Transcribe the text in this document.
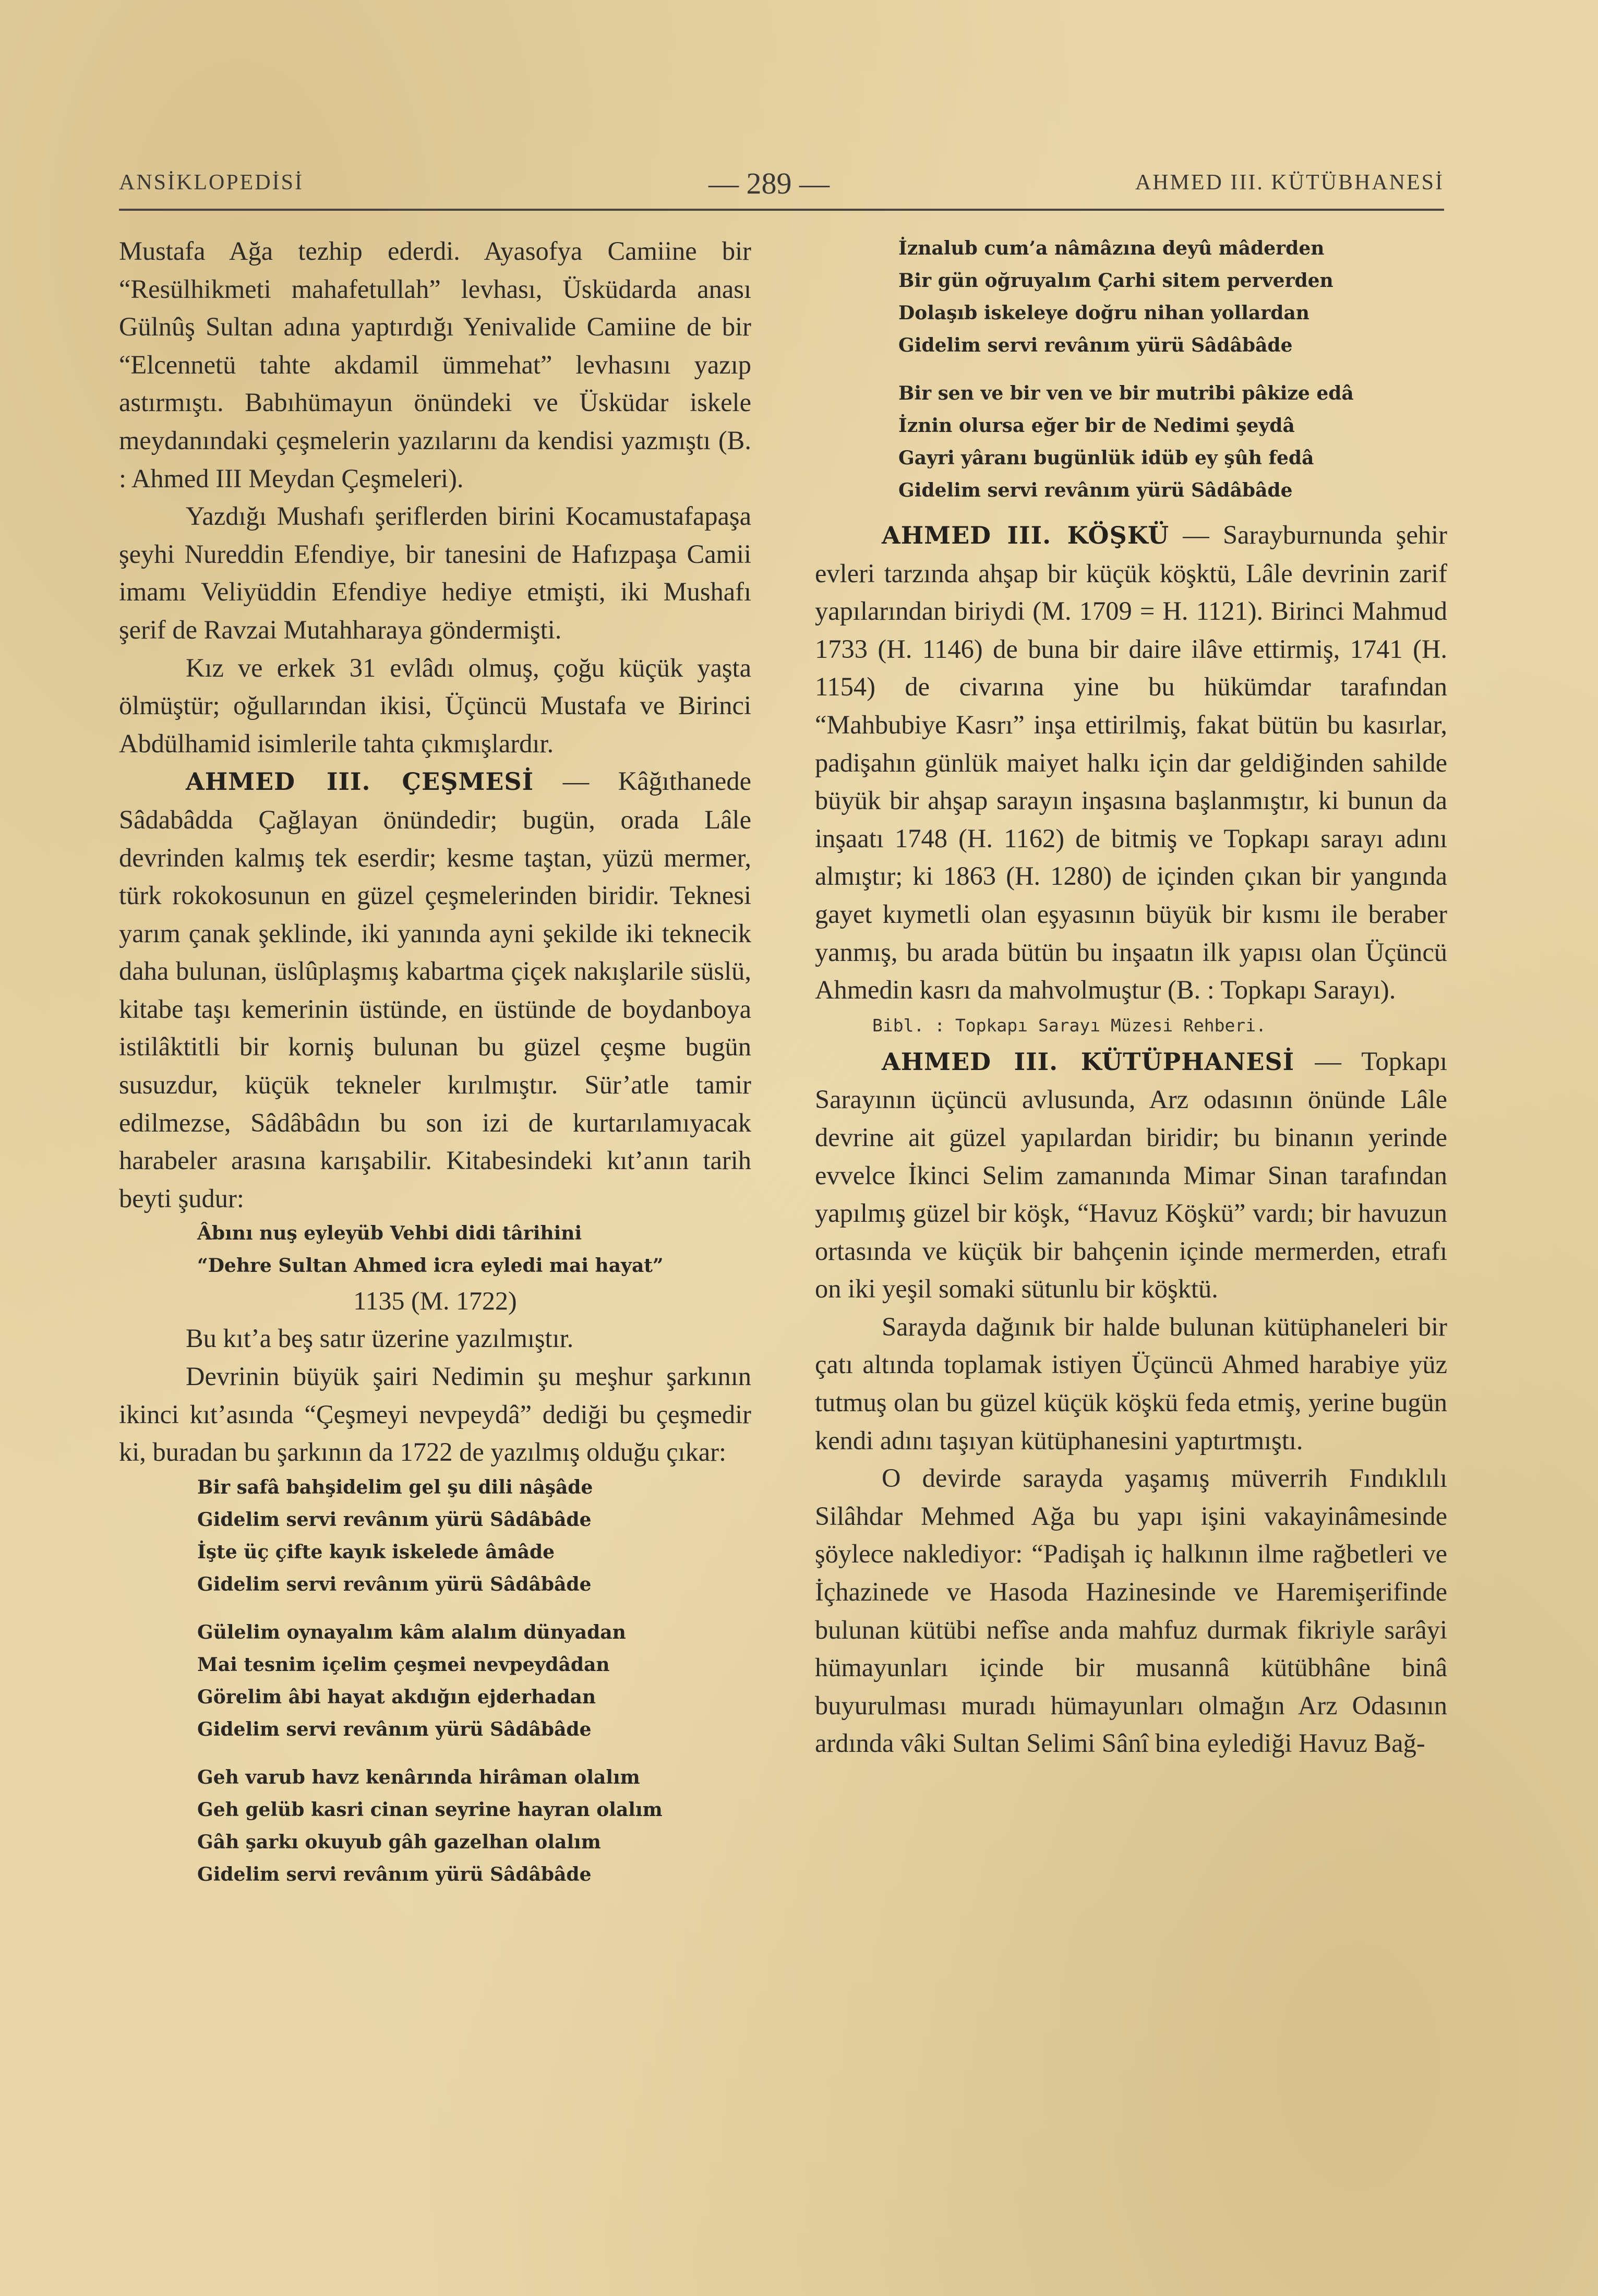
ANSİKLOPEDİSİ	— 289 —	AHMED III. KÜTÜBHANESİ

Mustafa Ağa tezhip ederdi. Ayasofya Camiine bir “Resülhikmeti mahafetullah” levhası, Üsküdarda anası Gülnûş Sultan adına yaptırdığı Yenivalide Camiine de bir “Elcennetü tahte akdamil ümmehat” levhasını yazıp astırmıştı. Babıhümayun önündeki ve Üsküdar iskele meydanındaki çeşmelerin yazılarını da kendisi yazmıştı (B. : Ahmed III Meydan Çeşmeleri).

Yazdığı Mushafı şeriflerden birini Kocamustafapaşa şeyhi Nureddin Efendiye, bir tanesini de Hafızpaşa Camii imamı Veliyüddin Efendiye hediye etmişti, iki Mushafı şerif de Ravzai Mutahharaya göndermişti.

Kız ve erkek 31 evlâdı olmuş, çoğu küçük yaşta ölmüştür; oğullarından ikisi, Üçüncü Mustafa ve Birinci Abdülhamid isimlerile tahta çıkmışlardır.

AHMED III. ÇEŞMESİ — Kâğıthanede Sâdabâdda Çağlayan önündedir; bugün, orada Lâle devrinden kalmış tek eserdir; kesme taştan, yüzü mermer, türk rokokosunun en güzel çeşmelerinden biridir. Teknesi yarım çanak şeklinde, iki yanında ayni şekilde iki teknecik daha bulunan, üslûplaşmış kabartma çiçek nakışlarile süslü, kitabe taşı kemerinin üstünde, en üstünde de boydanboya istilâktitli bir korniş bulunan bu güzel çeşme bugün susuzdur, küçük tekneler kırılmıştır. Sür’atle tamir edilmezse, Sâdâbâdın bu son izi de kurtarılamıyacak harabeler arasına karışabilir. Kitabesindeki kıt’anın tarih beyti şudur:

Âbını nuş eyleyüb Vehbi didi târihini
“Dehre Sultan Ahmed icra eyledi mai hayat”

1135 (M. 1722)

Bu kıt’a beş satır üzerine yazılmıştır.

Devrinin büyük şairi Nedimin şu meşhur şarkının ikinci kıt’asında “Çeşmeyi nevpeydâ” dediği bu çeşmedir ki, buradan bu şarkının da 1722 de yazılmış olduğu çıkar:

Bir safâ bahşidelim gel şu dili nâşâde
Gidelim servi revânım yürü Sâdâbâde
İşte üç çifte kayık iskelede âmâde
Gidelim servi revânım yürü Sâdâbâde
Gülelim oynayalım kâm alalım dünyadan
Mai tesnim içelim çeşmei nevpeydâdan
Görelim âbi hayat akdığın ejderhadan
Gidelim servi revânım yürü Sâdâbâde
Geh varub havz kenârında hirâman olalım
Geh gelüb kasri cinan seyrine hayran olalım
Gâh şarkı okuyub gâh gazelhan olalım
Gidelim servi revânım yürü Sâdâbâde
İznalub cum’a nâmâzına deyû mâderden
Bir gün oğruyalım Çarhi sitem perverden
Dolaşıb iskeleye doğru nihan yollardan
Gidelim servi revânım yürü Sâdâbâde
Bir sen ve bir ven ve bir mutribi pâkize edâ
İznin olursa eğer bir de Nedimi şeydâ
Gayri yâranı bugünlük idüb ey şûh fedâ
Gidelim servi revânım yürü Sâdâbâde

AHMED III. KÖŞKÜ — Sarayburnunda şehir evleri tarzında ahşap bir küçük köşktü, Lâle devrinin zarif yapılarından biriydi (M. 1709 = H. 1121). Birinci Mahmud 1733 (H. 1146) de buna bir daire ilâve ettirmiş, 1741 (H. 1154) de civarına yine bu hükümdar tarafından “Mahbubiye Kasrı” inşa ettirilmiş, fakat bütün bu kasırlar, padişahın günlük maiyet halkı için dar geldiğinden sahilde büyük bir ahşap sarayın inşasına başlanmıştır, ki bunun da inşaatı 1748 (H. 1162) de bitmiş ve Topkapı sarayı adını almıştır; ki 1863 (H. 1280) de içinden çıkan bir yangında gayet kıymetli olan eşyasının büyük bir kısmı ile beraber yanmış, bu arada bütün bu inşaatın ilk yapısı olan Üçüncü Ahmedin kasrı da mahvolmuştur (B. : Topkapı Sarayı).

Bibl. : Topkapı Sarayı Müzesi Rehberi.

AHMED III. KÜTÜPHANESİ — Topkapı Sarayının üçüncü avlusunda, Arz odasının önünde Lâle devrine ait güzel yapılardan biridir; bu binanın yerinde evvelce İkinci Selim zamanında Mimar Sinan tarafından yapılmış güzel bir köşk, “Havuz Köşkü” vardı; bir havuzun ortasında ve küçük bir bahçenin içinde mermerden, etrafı on iki yeşil somaki sütunlu bir köşktü.

Sarayda dağınık bir halde bulunan kütüphaneleri bir çatı altında toplamak istiyen Üçüncü Ahmed harabiye yüz tutmuş olan bu güzel küçük köşkü feda etmiş, yerine bugün kendi adını taşıyan kütüphanesini yaptırtmıştı.

O devirde sarayda yaşamış müverrih Fındıklılı Silâhdar Mehmed Ağa bu yapı işini vakayinâmesinde şöylece naklediyor: “Padişah iç halkının ilme rağbetleri ve İçhazinede ve Hasoda Hazinesinde ve Haremişerifinde bulunan kütübi nefîse anda mahfuz durmak fikriyle sarâyi hümayunları içinde bir musannâ kütübhâne binâ buyurulması muradı hümayunları olmağın Arz Odasının ardında vâki Sultan Selimi Sânî bina eylediği Havuz Bağ-
